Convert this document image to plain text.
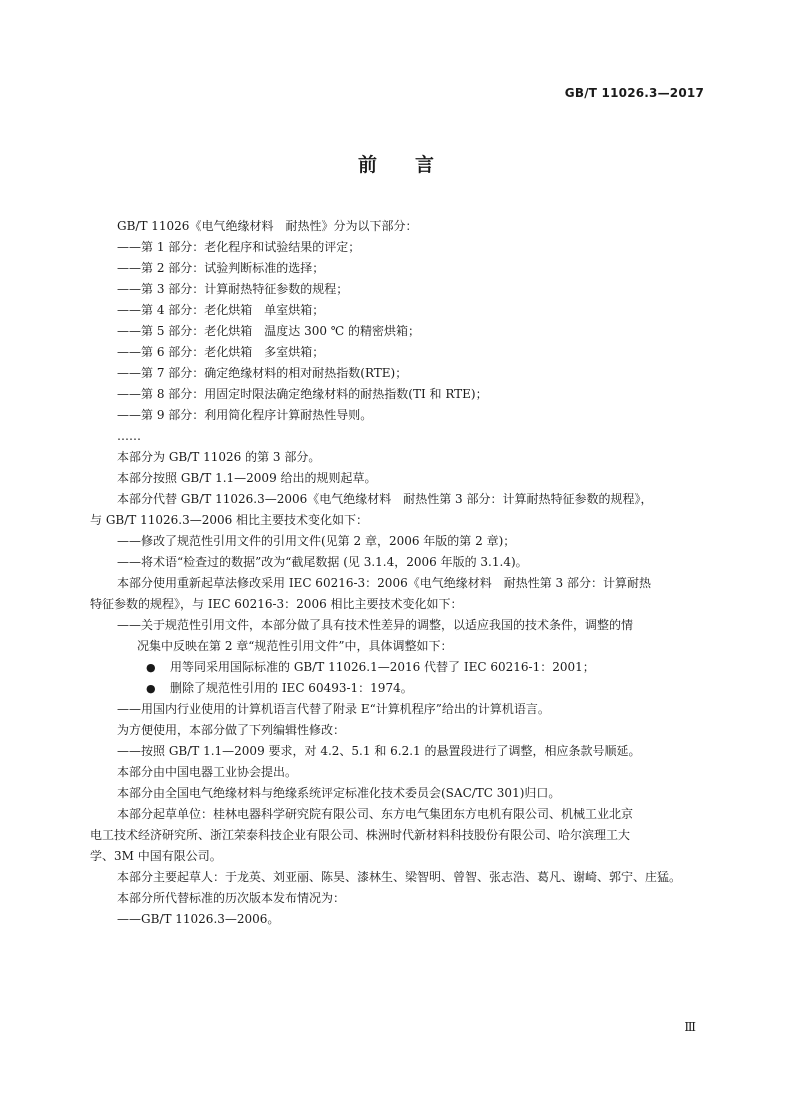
GB/T 11026.3—2017
前 言
GB/T 11026《电气绝缘材料　耐热性》分为以下部分：
——第 1 部分：老化程序和试验结果的评定；
——第 2 部分：试验判断标准的选择；
——第 3 部分：计算耐热特征参数的规程；
——第 4 部分：老化烘箱　单室烘箱；
——第 5 部分：老化烘箱　温度达 300 ℃ 的精密烘箱；
——第 6 部分：老化烘箱　多室烘箱；
——第 7 部分：确定绝缘材料的相对耐热指数(RTE)；
——第 8 部分：用固定时限法确定绝缘材料的耐热指数(TI 和 RTE)；
——第 9 部分：利用简化程序计算耐热性导则。
……
本部分为 GB/T 11026 的第 3 部分。
本部分按照 GB/T 1.1—2009 给出的规则起草。
本部分代替 GB/T 11026.3—2006《电气绝缘材料　耐热性第 3 部分：计算耐热特征参数的规程》，
与 GB/T 11026.3—2006 相比主要技术变化如下：
——修改了规范性引用文件的引用文件(见第 2 章，2006 年版的第 2 章)；
——将术语“检查过的数据”改为“截尾数据 (见 3.1.4，2006 年版的 3.1.4)。
本部分使用重新起草法修改采用 IEC 60216-3：2006《电气绝缘材料　耐热性第 3 部分：计算耐热
特征参数的规程》，与 IEC 60216-3：2006 相比主要技术变化如下：
——关于规范性引用文件，本部分做了具有技术性差异的调整，以适应我国的技术条件，调整的情
况集中反映在第 2 章“规范性引用文件”中，具体调整如下：
● 用等同采用国际标准的 GB/T 11026.1—2016 代替了 IEC 60216-1：2001；
● 删除了规范性引用的 IEC 60493-1：1974。
——用国内行业使用的计算机语言代替了附录 E“计算机程序”给出的计算机语言。
为方便使用，本部分做了下列编辑性修改：
——按照 GB/T 1.1—2009 要求，对 4.2、5.1 和 6.2.1 的悬置段进行了调整，相应条款号顺延。
本部分由中国电器工业协会提出。
本部分由全国电气绝缘材料与绝缘系统评定标准化技术委员会(SAC/TC 301)归口。
本部分起草单位：桂林电器科学研究院有限公司、东方电气集团东方电机有限公司、机械工业北京
电工技术经济研究所、浙江荣泰科技企业有限公司、株洲时代新材料科技股份有限公司、哈尔滨理工大
学、3M 中国有限公司。
本部分主要起草人：于龙英、刘亚丽、陈昊、漆林生、梁智明、曾智、张志浩、葛凡、谢崎、郭宁、庄猛。
本部分所代替标准的历次版本发布情况为：
——GB/T 11026.3—2006。
Ⅲ
